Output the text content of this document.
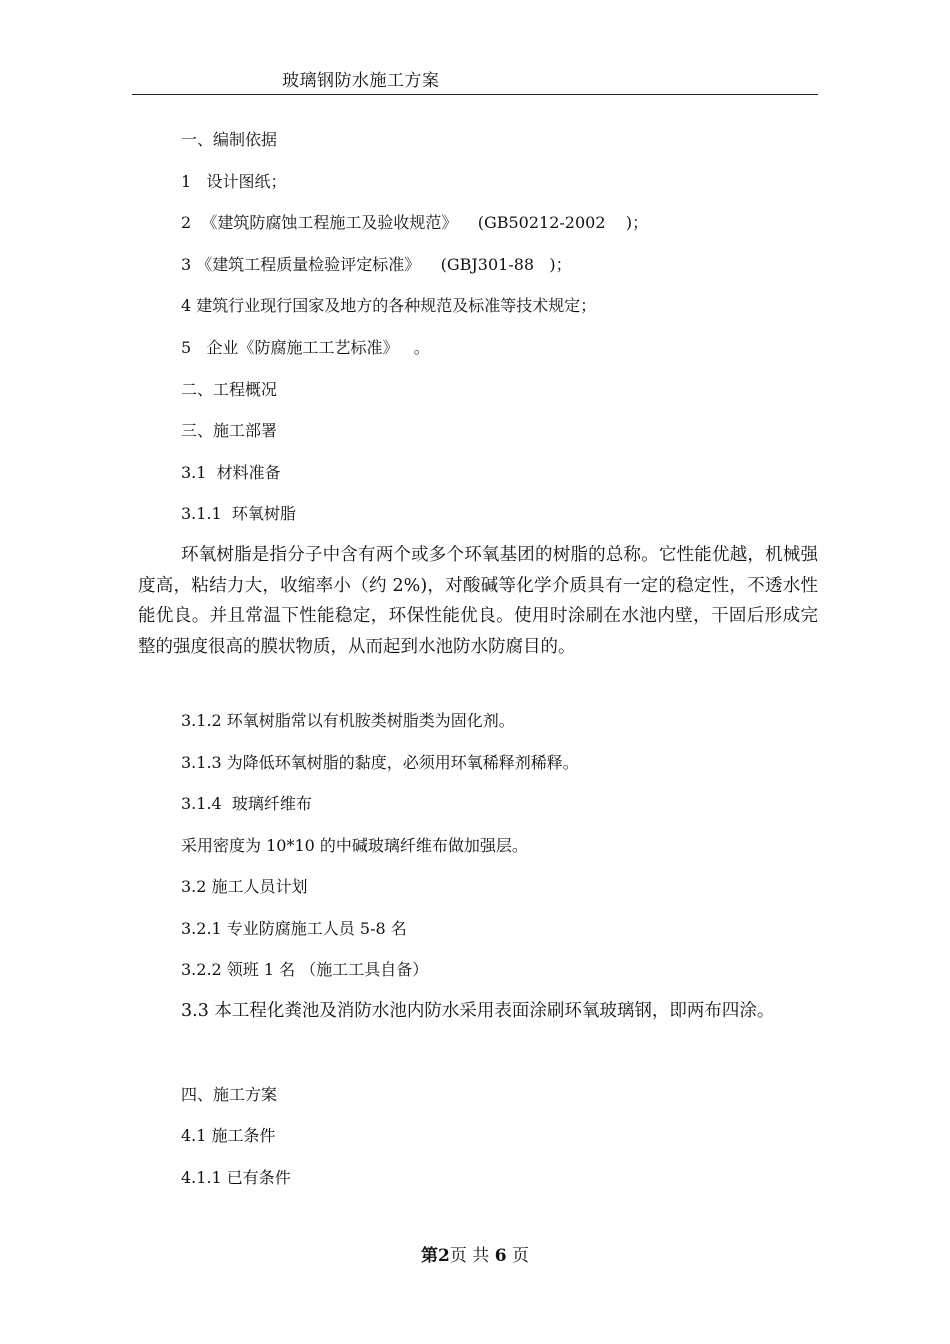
玻璃钢防水施工方案
一、编制依据
1   设计图纸；
2  《建筑防腐蚀工程施工及验收规范》    (GB50212-2002    )；
3 《建筑工程质量检验评定标准》    (GBJ301-88   )；
4 建筑行业现行国家及地方的各种规范及标准等技术规定；
5   企业《防腐施工工艺标准》   。
二、工程概况
三、施工部署
3.1  材料准备
3.1.1  环氧树脂
环氧树脂是指分子中含有两个或多个环氧基团的树脂的总称。它性能优越，机械强度高，粘结力大，收缩率小（约 2%)，对酸碱等化学介质具有一定的稳定性，不透水性能优良。并且常温下性能稳定，环保性能优良。使用时涂刷在水池内壁，干固后形成完整的强度很高的膜状物质，从而起到水池防水防腐目的。
3.1.2 环氧树脂常以有机胺类树脂类为固化剂。
3.1.3 为降低环氧树脂的黏度，必须用环氧稀释剂稀释。
3.1.4  玻璃纤维布
采用密度为 10*10 的中碱玻璃纤维布做加强层。
3.2 施工人员计划
3.2.1 专业防腐施工人员 5-8 名
3.2.2 领班 1 名 （施工工具自备）
3.3 本工程化粪池及消防水池内防水采用表面涂刷环氧玻璃钢，即两布四涂。
四、施工方案
4.1 施工条件
4.1.1 已有条件
第2页 共 6 页
